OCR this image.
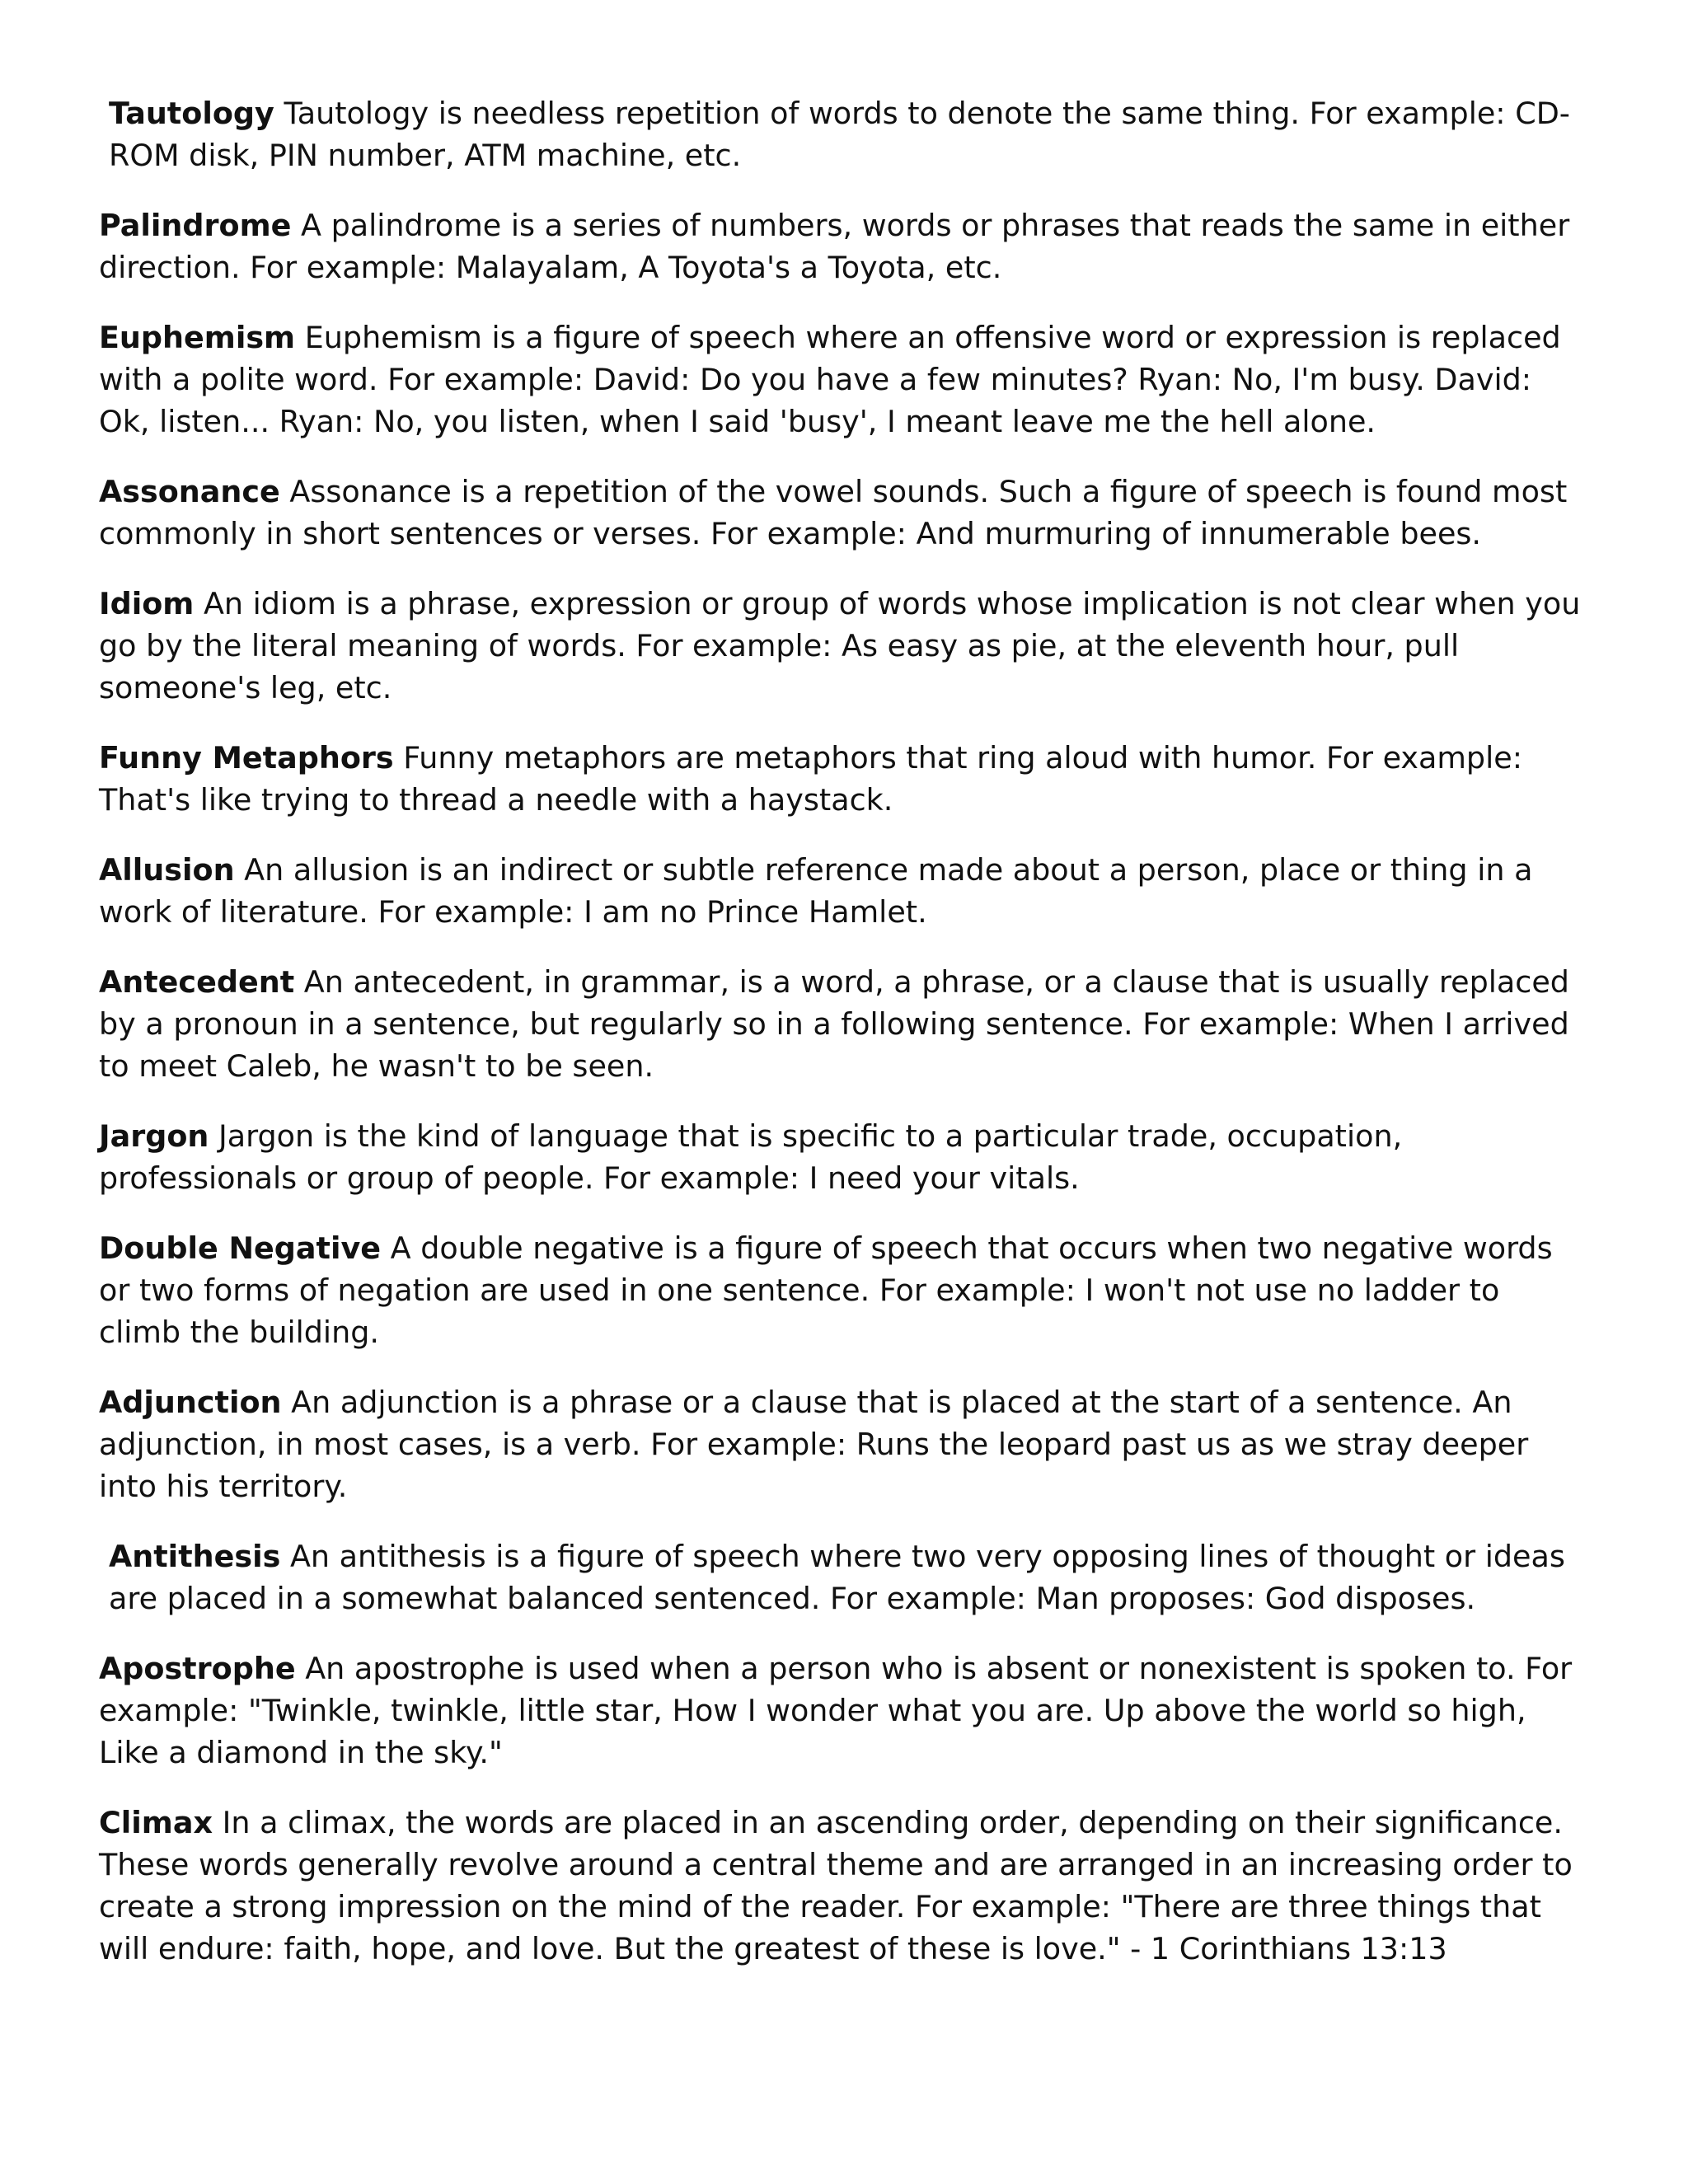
Tautology Tautology is needless repetition of words to denote the same thing. For example: CD-ROM disk, PIN number, ATM machine, etc.

Palindrome A palindrome is a series of numbers, words or phrases that reads the same in either direction. For example: Malayalam, A Toyota's a Toyota, etc.

Euphemism Euphemism is a figure of speech where an offensive word or expression is replaced with a polite word. For example: David: Do you have a few minutes? Ryan: No, I'm busy. David: Ok, listen... Ryan: No, you listen, when I said 'busy', I meant leave me the hell alone.

Assonance Assonance is a repetition of the vowel sounds. Such a figure of speech is found most commonly in short sentences or verses. For example: And murmuring of innumerable bees.

Idiom An idiom is a phrase, expression or group of words whose implication is not clear when you go by the literal meaning of words. For example: As easy as pie, at the eleventh hour, pull someone's leg, etc.

Funny Metaphors Funny metaphors are metaphors that ring aloud with humor. For example: That's like trying to thread a needle with a haystack.

Allusion An allusion is an indirect or subtle reference made about a person, place or thing in a work of literature. For example: I am no Prince Hamlet.

Antecedent An antecedent, in grammar, is a word, a phrase, or a clause that is usually replaced by a pronoun in a sentence, but regularly so in a following sentence. For example: When I arrived to meet Caleb, he wasn't to be seen.

Jargon Jargon is the kind of language that is specific to a particular trade, occupation, professionals or group of people. For example: I need your vitals.

Double Negative A double negative is a figure of speech that occurs when two negative words or two forms of negation are used in one sentence. For example: I won't not use no ladder to climb the building.

Adjunction An adjunction is a phrase or a clause that is placed at the start of a sentence. An adjunction, in most cases, is a verb. For example: Runs the leopard past us as we stray deeper into his territory.

Antithesis An antithesis is a figure of speech where two very opposing lines of thought or ideas are placed in a somewhat balanced sentenced. For example: Man proposes: God disposes.

Apostrophe An apostrophe is used when a person who is absent or nonexistent is spoken to. For example: "Twinkle, twinkle, little star, How I wonder what you are. Up above the world so high, Like a diamond in the sky."

Climax In a climax, the words are placed in an ascending order, depending on their significance. These words generally revolve around a central theme and are arranged in an increasing order to create a strong impression on the mind of the reader. For example: "There are three things that will endure: faith, hope, and love. But the greatest of these is love." - 1 Corinthians 13:13
